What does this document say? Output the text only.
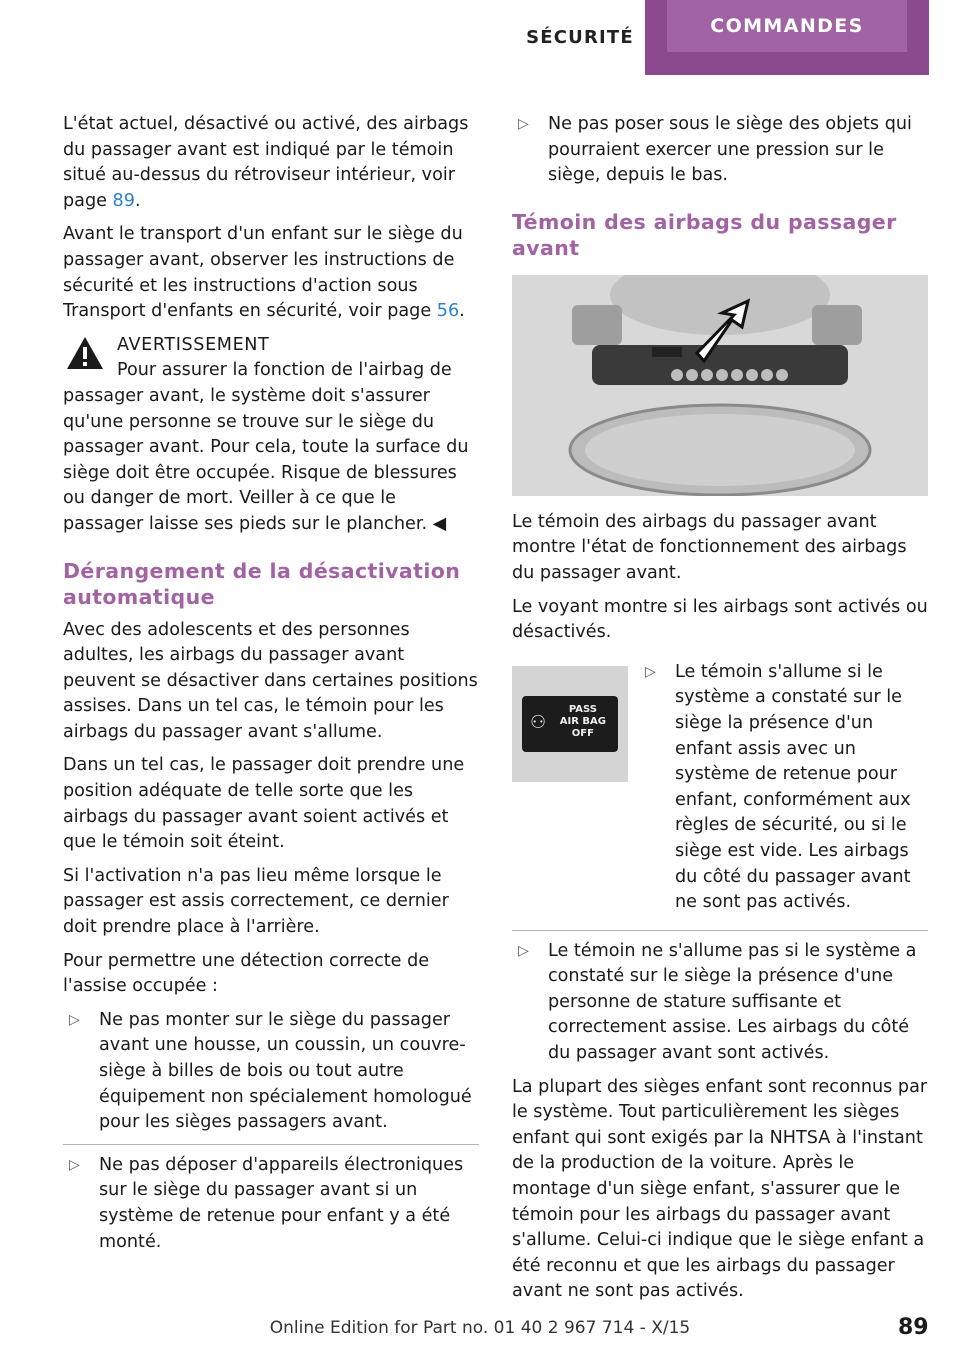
SÉCURITÉ
COMMANDES

L'état actuel, désactivé ou activé, des airbags du passager avant est indiqué par le témoin situé au-dessus du rétroviseur intérieur, voir page 89.

Avant le transport d'un enfant sur le siège du passager avant, observer les instructions de sécurité et les instructions d'action sous Transport d'enfants en sécurité, voir page 56.

AVERTISSEMENT
Pour assurer la fonction de l'airbag de
passager avant, le système doit s'assurer qu'une personne se trouve sur le siège du passager avant. Pour cela, toute la surface du siège doit être occupée. Risque de blessures ou danger de mort. Veiller à ce que le passager laisse ses pieds sur le plancher. ◀
Dérangement de la désactivation automatique

Avec des adolescents et des personnes adultes, les airbags du passager avant peuvent se désactiver dans certaines positions assises. Dans un tel cas, le témoin pour les airbags du passager avant s'allume.

Dans un tel cas, le passager doit prendre une position adéquate de telle sorte que les airbags du passager avant soient activés et que le témoin soit éteint.

Si l'activation n'a pas lieu même lorsque le passager est assis correctement, ce dernier doit prendre place à l'arrière.

Pour permettre une détection correcte de l'assise occupée :

▷ Ne pas monter sur le siège du passager avant une housse, un coussin, un couvre-siège à billes de bois ou tout autre équipement non spécialement homologué pour les sièges passagers avant.
▷ Ne pas déposer d'appareils électroniques sur le siège du passager avant si un système de retenue pour enfant y a été monté.
▷ Ne pas poser sous le siège des objets qui pourraient exercer une pression sur le siège, depuis le bas.
Témoin des airbags du passager avant

Le témoin des airbags du passager avant montre l'état de fonctionnement des airbags du passager avant.

Le voyant montre si les airbags sont activés ou désactivés.

⚇
PASS
AIR BAG
OFF
▷ Le témoin s'allume si le système a constaté sur le siège la présence d'un enfant assis avec un système de retenue pour enfant, conformément aux règles de sécurité, ou si le siège est vide. Les airbags du côté du passager avant ne sont pas activés.
▷ Le témoin ne s'allume pas si le système a constaté sur le siège la présence d'une personne de stature suffisante et correctement assise. Les airbags du côté du passager avant sont activés.

La plupart des sièges enfant sont reconnus par le système. Tout particulièrement les sièges enfant qui sont exigés par la NHTSA à l'instant de la production de la voiture. Après le montage d'un siège enfant, s'assurer que le témoin pour les airbags du passager avant s'allume. Celui-ci indique que le siège enfant a été reconnu et que les airbags du passager avant ne sont pas activés.

Online Edition for Part no. 01 40 2 967 714 - X/15	89
